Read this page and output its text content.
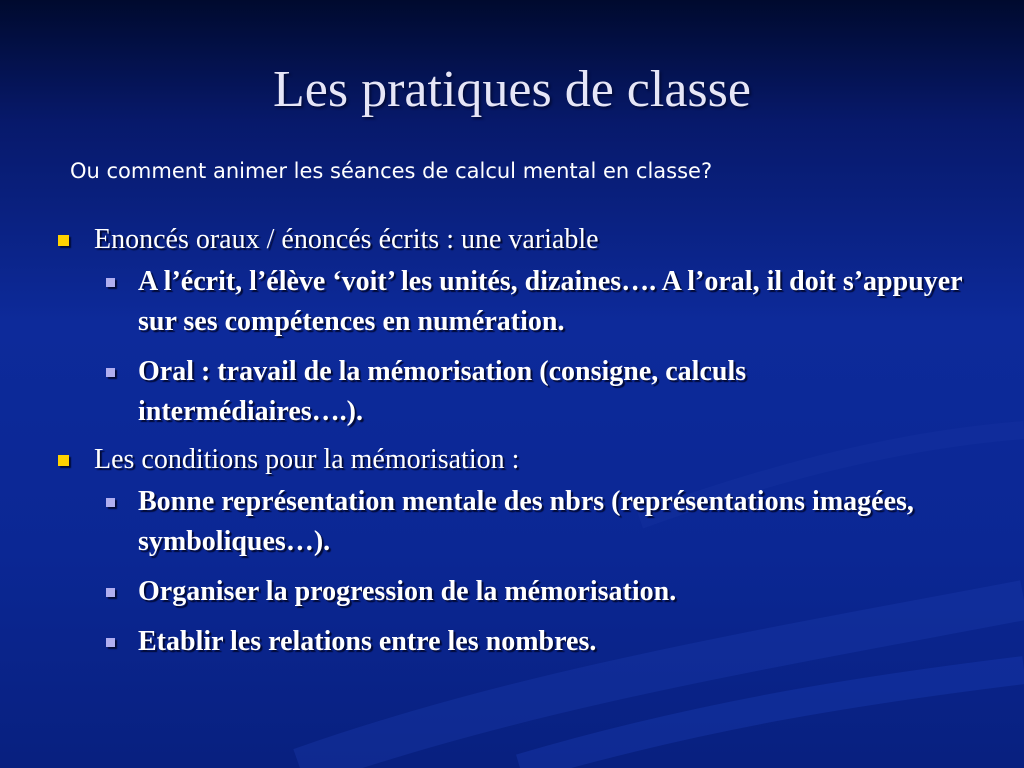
Les pratiques de classe
Ou comment animer les séances de calcul mental en classe?
Enoncés oraux / énoncés écrits : une variable
A l’écrit, l’élève ‘voit’ les unités, dizaines…. A l’oral, il doit s’appuyer sur ses compétences en numération.
Oral : travail de la mémorisation (consigne, calculs intermédiaires….).
Les conditions pour la mémorisation :
Bonne représentation mentale des nbrs (représentations imagées, symboliques…).
Organiser la progression de la mémorisation.
Etablir les relations entre les nombres.
